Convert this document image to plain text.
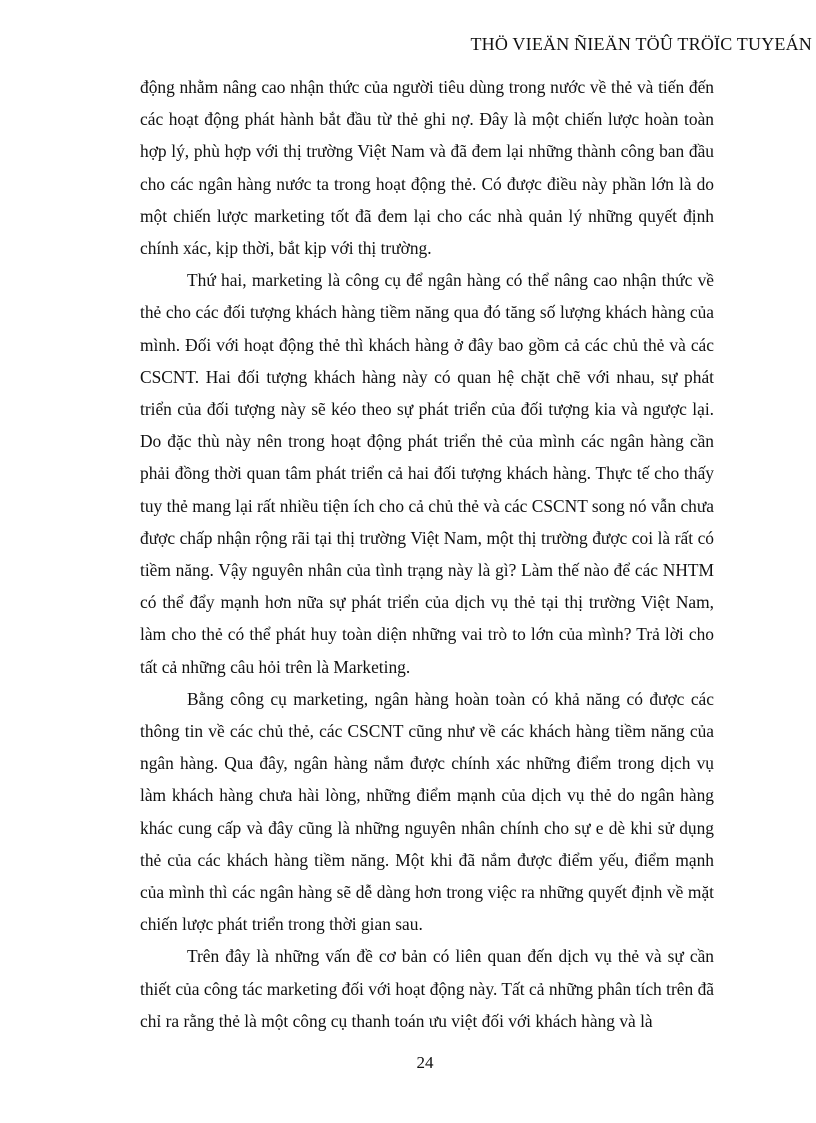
THÖ VIEÄN ÑIEÄN TÖÛ TRÖÏC TUYEÁN

động nhằm nâng cao nhận thức của người tiêu dùng trong nước về thẻ và tiến đến các hoạt động phát hành bắt đầu từ thẻ ghi nợ. Đây là một chiến lược hoàn toàn hợp lý, phù hợp với thị trường Việt Nam và đã đem lại những thành công ban đầu cho các ngân hàng nước ta trong hoạt động thẻ. Có được điều này phần lớn là do một chiến lược marketing tốt đã đem lại cho các nhà quản lý những quyết định chính xác, kịp thời, bắt kịp với thị trường.

Thứ hai, marketing là công cụ để ngân hàng có thể nâng cao nhận thức về thẻ cho các đối tượng khách hàng tiềm năng qua đó tăng số lượng khách hàng của mình. Đối với hoạt động thẻ thì khách hàng ở đây bao gồm cả các chủ thẻ và các CSCNT. Hai đối tượng khách hàng này có quan hệ chặt chẽ với nhau, sự phát triển của đối tượng này sẽ kéo theo sự phát triển của đối tượng kia và ngược lại. Do đặc thù này nên trong hoạt động phát triển thẻ của mình các ngân hàng cần phải đồng thời quan tâm phát triển cả hai đối tượng khách hàng. Thực tế cho thấy tuy thẻ mang lại rất nhiều tiện ích cho cả chủ thẻ và các CSCNT song nó vẫn chưa được chấp nhận rộng rãi tại thị trường Việt Nam, một thị trường được coi là rất có tiềm năng. Vậy nguyên nhân của tình trạng này là gì? Làm thế nào để các NHTM có thể đẩy mạnh hơn nữa sự phát triển của dịch vụ thẻ tại thị trường Việt Nam, làm cho thẻ có thể phát huy toàn diện những vai trò to lớn của mình? Trả lời cho tất cả những câu hỏi trên là Marketing.

Bằng công cụ marketing, ngân hàng hoàn toàn có khả năng có được các thông tin về các chủ thẻ, các CSCNT cũng như về các khách hàng tiềm năng của ngân hàng. Qua đây, ngân hàng nắm được chính xác những điểm trong dịch vụ làm khách hàng chưa hài lòng, những điểm mạnh của dịch vụ thẻ do ngân hàng khác cung cấp và đây cũng là những nguyên nhân chính cho sự e dè khi sử dụng thẻ của các khách hàng tiềm năng. Một khi đã nắm được điểm yếu, điểm mạnh của mình thì các ngân hàng sẽ dễ dàng hơn trong việc ra những quyết định về mặt chiến lược phát triển trong thời gian sau.

Trên đây là những vấn đề cơ bản có liên quan đến dịch vụ thẻ và sự cần thiết của công tác marketing đối với hoạt động này. Tất cả những phân tích trên đã chỉ ra rằng thẻ là một công cụ thanh toán ưu việt đối với khách hàng và là

24
